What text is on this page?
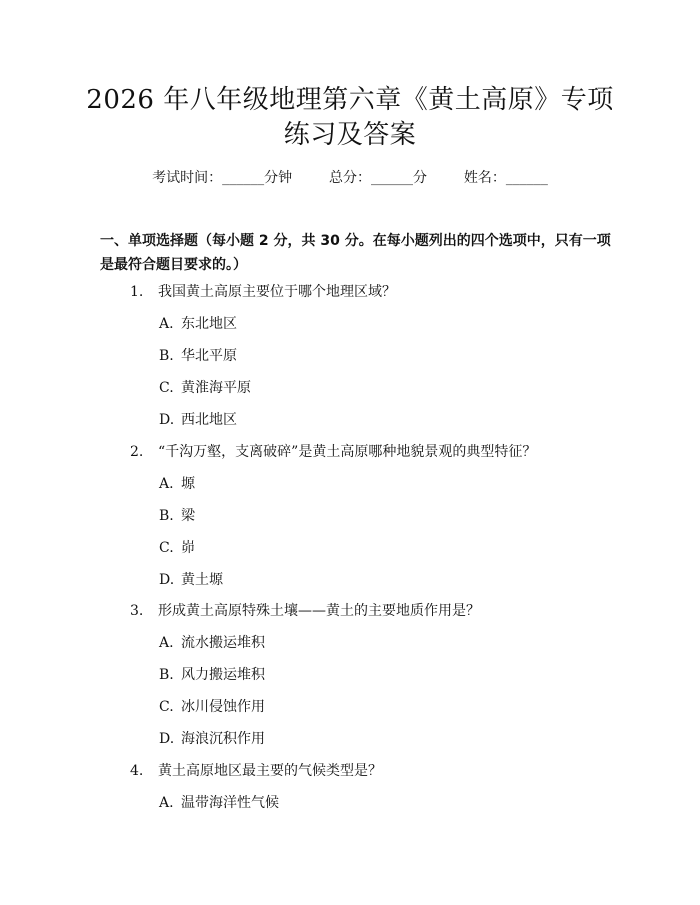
2026 年八年级地理第六章《黄土高原》专项
练习及答案
考试时间：______分钟	总分：______分	姓名：______
一、单项选择题（每小题 2 分，共 30 分。在每小题列出的四个选项中，只有一项
是最符合题目要求的。）
1. 我国黄土高原主要位于哪个地理区域？
A. 东北地区
B. 华北平原
C. 黄淮海平原
D. 西北地区
2. “千沟万壑，支离破碎”是黄土高原哪种地貌景观的典型特征？
A. 塬
B. 梁
C. 峁
D. 黄土塬
3. 形成黄土高原特殊土壤——黄土的主要地质作用是？
A. 流水搬运堆积
B. 风力搬运堆积
C. 冰川侵蚀作用
D. 海浪沉积作用
4. 黄土高原地区最主要的气候类型是？
A. 温带海洋性气候
